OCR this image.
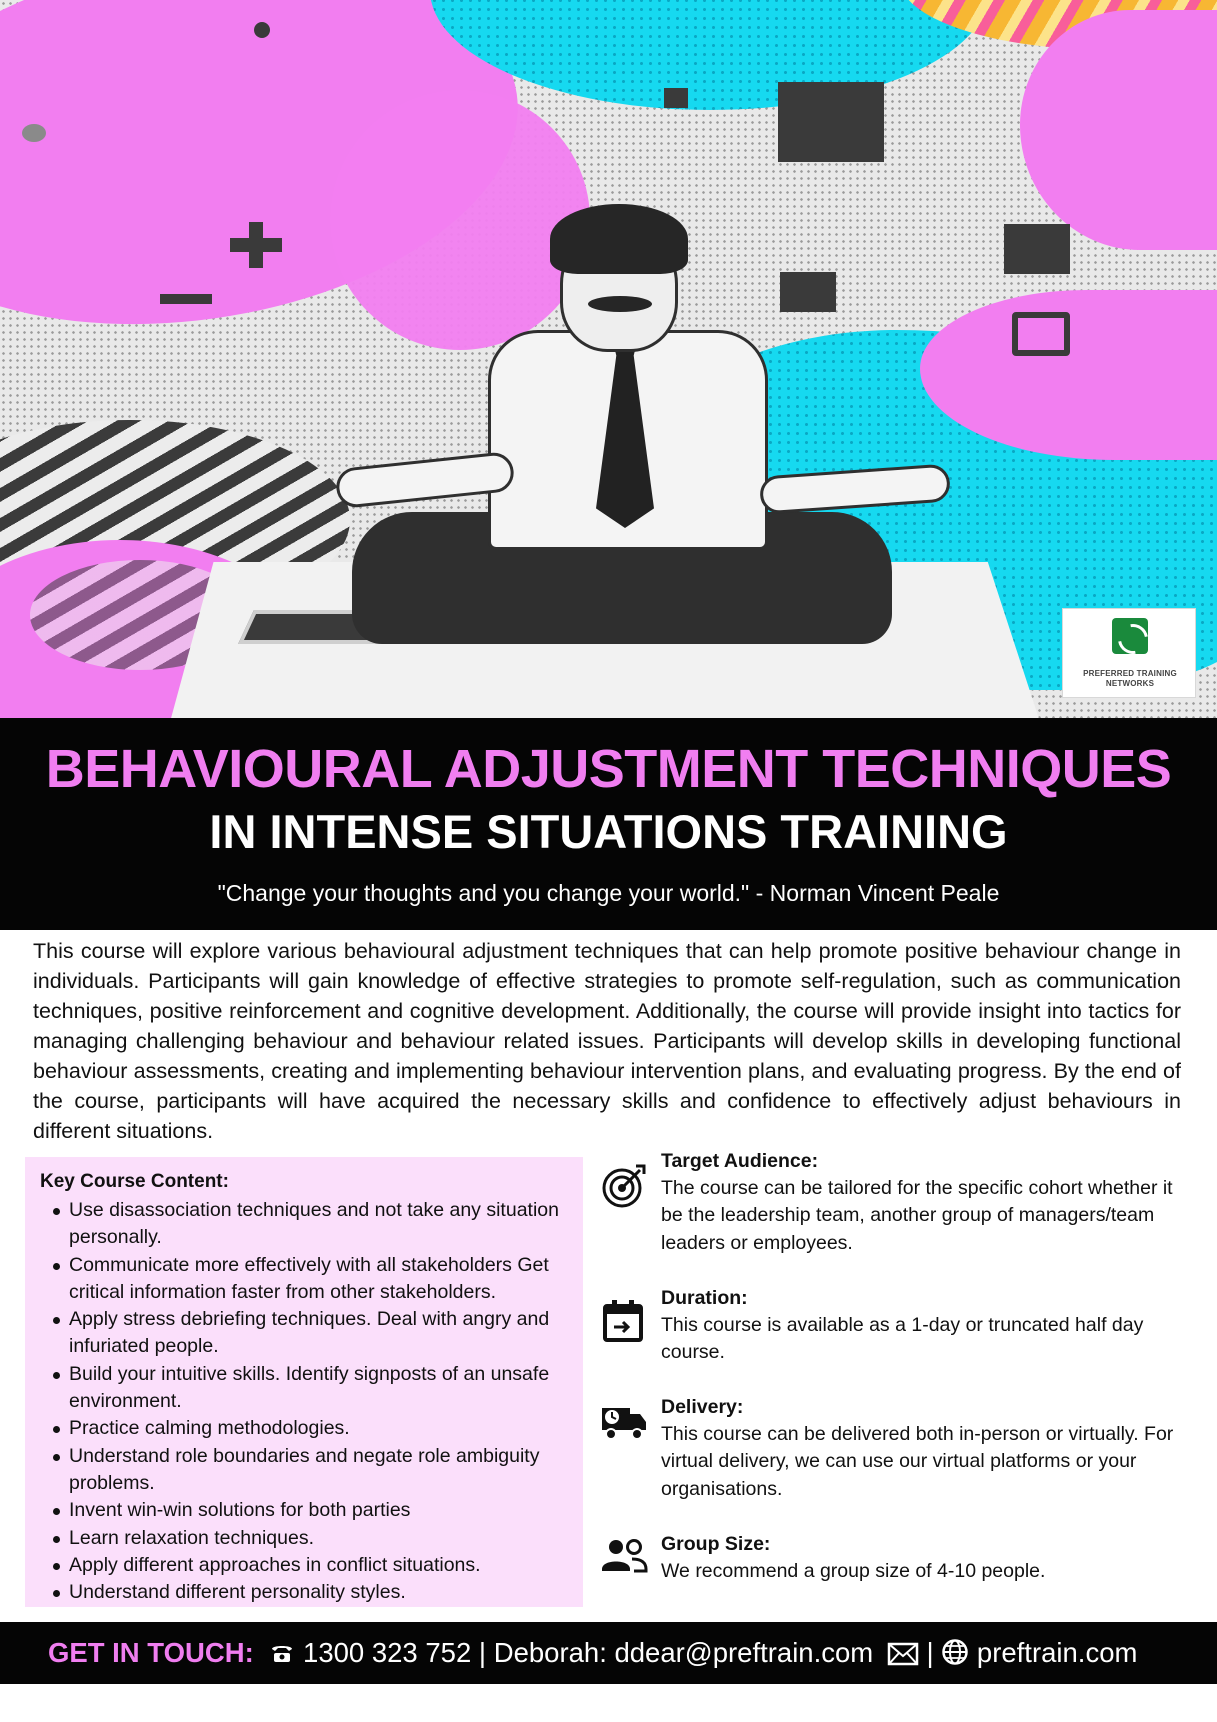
PREFERRED TRAINING NETWORKS
BEHAVIOURAL ADJUSTMENT TECHNIQUES
IN INTENSE SITUATIONS TRAINING
"Change your thoughts and you change your world." - Norman Vincent Peale
This course will explore various behavioural adjustment techniques that can help promote positive behaviour change in individuals. Participants will gain knowledge of effective strategies to promote self-regulation, such as communication techniques, positive reinforcement and cognitive development. Additionally, the course will provide insight into tactics for managing challenging behaviour and behaviour related issues. Participants will develop skills in developing functional behaviour assessments, creating and implementing behaviour intervention plans, and evaluating progress. By the end of the course, participants will have acquired the necessary skills and confidence to effectively adjust behaviours in different situations.
Key Course Content:
Use disassociation techniques and not take any situation personally.
Communicate more effectively with all stakeholders Get critical information faster from other stakeholders.
Apply stress debriefing techniques. Deal with angry and infuriated people.
Build your intuitive skills. Identify signposts of an unsafe environment.
Practice calming methodologies.
Understand role boundaries and negate role ambiguity problems.
Invent win-win solutions for both parties
Learn relaxation techniques.
Apply different approaches in conflict situations.
Understand different personality styles.
Target Audience:
The course can be tailored for the specific cohort whether it be the leadership team, another group of managers/team leaders or employees.
Duration:
This course is available as a 1-day or truncated half day course.
Delivery:
This course can be delivered both in-person or virtually. For virtual delivery, we can use our virtual platforms or your organisations.
Group Size:
We recommend a group size of 4-10 people.
GET IN TOUCH: 1300 323 752 | Deborah: ddear@preftrain.com | preftrain.com
